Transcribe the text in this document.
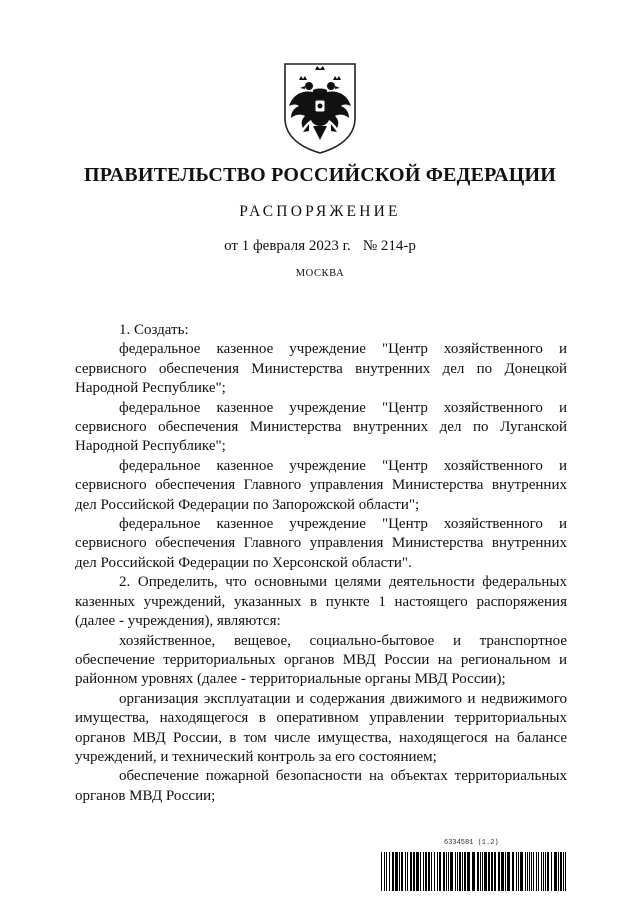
ПРАВИТЕЛЬСТВО РОССИЙСКОЙ ФЕДЕРАЦИИ
РАСПОРЯЖЕНИЕ
от 1 февраля 2023 г. № 214-р
МОСКВА

1. Создать:

федеральное казенное учреждение "Центр хозяйственного и сервисного обеспечения Министерства внутренних дел по Донецкой Народной Республике";

федеральное казенное учреждение "Центр хозяйственного и сервисного обеспечения Министерства внутренних дел по Луганской Народной Республике";

федеральное казенное учреждение "Центр хозяйственного и сервисного обеспечения Главного управления Министерства внутренних дел Российской Федерации по Запорожской области";

федеральное казенное учреждение "Центр хозяйственного и сервисного обеспечения Главного управления Министерства внутренних дел Российской Федерации по Херсонской области".

2. Определить, что основными целями деятельности федеральных казенных учреждений, указанных в пункте 1 настоящего распоряжения (далее - учреждения), являются:

хозяйственное, вещевое, социально-бытовое и транспортное обеспечение территориальных органов МВД России на региональном и районном уровнях (далее - территориальные органы МВД России);

организация эксплуатации и содержания движимого и недвижимого имущества, находящегося в оперативном управлении территориальных органов МВД России, в том числе имущества, находящегося на балансе учреждений, и технический контроль за его состоянием;

обеспечение пожарной безопасности на объектах территориальных органов МВД России;

6334581 (1.2)
